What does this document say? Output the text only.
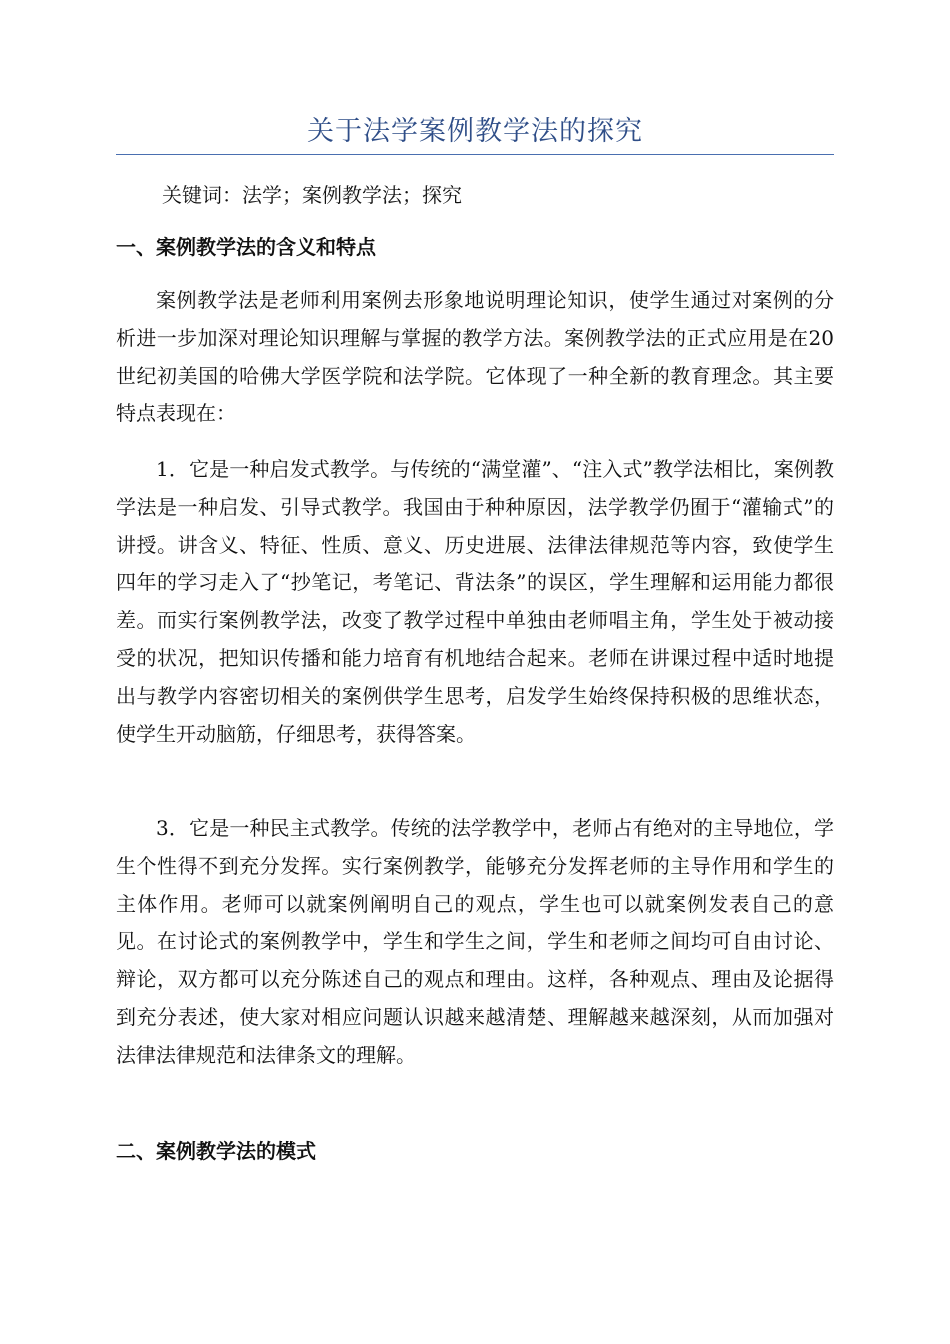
关于法学案例教学法的探究
关键词：法学；案例教学法；探究
一、案例教学法的含义和特点
案例教学法是老师利用案例去形象地说明理论知识，使学生通过对案例的分析进一步加深对理论知识理解与掌握的教学方法。案例教学法的正式应用是在20世纪初美国的哈佛大学医学院和法学院。它体现了一种全新的教育理念。其主要特点表现在：
1．它是一种启发式教学。与传统的“满堂灌”、“注入式”教学法相比，案例教学法是一种启发、引导式教学。我国由于种种原因，法学教学仍囿于“灌输式”的讲授。讲含义、特征、性质、意义、历史进展、法律法律规范等内容，致使学生四年的学习走入了“抄笔记，考笔记、背法条”的误区，学生理解和运用能力都很差。而实行案例教学法，改变了教学过程中单独由老师唱主角，学生处于被动接受的状况，把知识传播和能力培育有机地结合起来。老师在讲课过程中适时地提出与教学内容密切相关的案例供学生思考，启发学生始终保持积极的思维状态，使学生开动脑筋，仔细思考，获得答案。
3．它是一种民主式教学。传统的法学教学中，老师占有绝对的主导地位，学生个性得不到充分发挥。实行案例教学，能够充分发挥老师的主导作用和学生的主体作用。老师可以就案例阐明自己的观点，学生也可以就案例发表自己的意见。在讨论式的案例教学中，学生和学生之间，学生和老师之间均可自由讨论、辩论，双方都可以充分陈述自己的观点和理由。这样，各种观点、理由及论据得到充分表述，使大家对相应问题认识越来越清楚、理解越来越深刻，从而加强对法律法律规范和法律条文的理解。
二、案例教学法的模式
